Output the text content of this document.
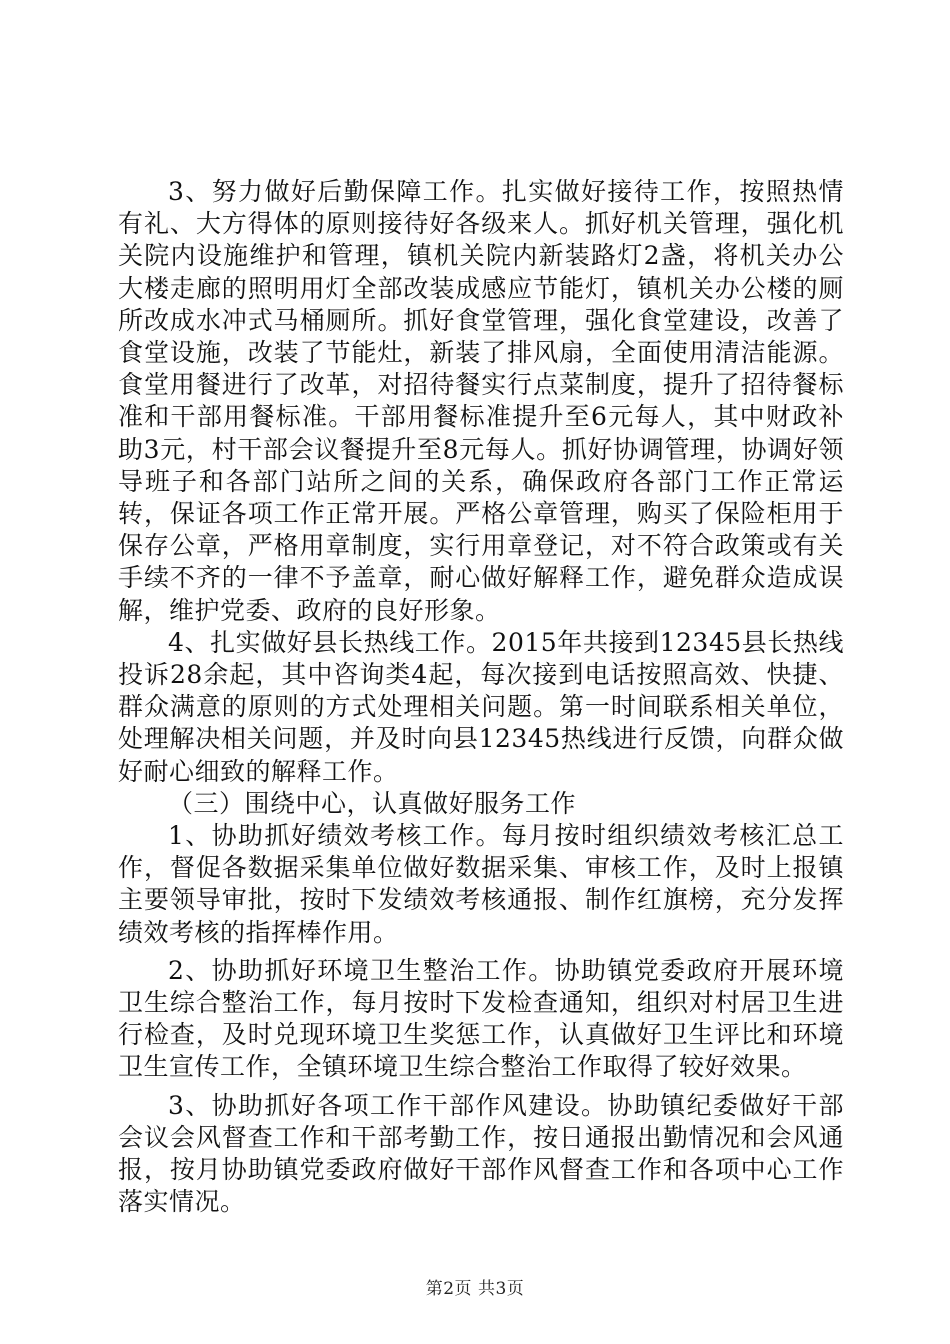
3、努力做好后勤保障工作。扎实做好接待工作，按照热情有礼、大方得体的原则接待好各级来人。抓好机关管理，强化机关院内设施维护和管理，镇机关院内新装路灯2盏，将机关办公大楼走廊的照明用灯全部改装成感应节能灯，镇机关办公楼的厕所改成水冲式马桶厕所。抓好食堂管理，强化食堂建设，改善了食堂设施，改装了节能灶，新装了排风扇，全面使用清洁能源。食堂用餐进行了改革，对招待餐实行点菜制度，提升了招待餐标准和干部用餐标准。干部用餐标准提升至6元每人，其中财政补助3元，村干部会议餐提升至8元每人。抓好协调管理，协调好领导班子和各部门站所之间的关系，确保政府各部门工作正常运转，保证各项工作正常开展。严格公章管理，购买了保险柜用于保存公章，严格用章制度，实行用章登记，对不符合政策或有关手续不齐的一律不予盖章，耐心做好解释工作，避免群众造成误解，维护党委、政府的良好形象。

4、扎实做好县长热线工作。2015年共接到12345县长热线投诉28余起，其中咨询类4起，每次接到电话按照高效、快捷、群众满意的原则的方式处理相关问题。第一时间联系相关单位，处理解决相关问题，并及时向县12345热线进行反馈，向群众做好耐心细致的解释工作。

（三）围绕中心，认真做好服务工作

1、协助抓好绩效考核工作。每月按时组织绩效考核汇总工作，督促各数据采集单位做好数据采集、审核工作，及时上报镇主要领导审批，按时下发绩效考核通报、制作红旗榜，充分发挥绩效考核的指挥棒作用。

2、协助抓好环境卫生整治工作。协助镇党委政府开展环境卫生综合整治工作，每月按时下发检查通知，组织对村居卫生进行检查，及时兑现环境卫生奖惩工作，认真做好卫生评比和环境卫生宣传工作，全镇环境卫生综合整治工作取得了较好效果。

3、协助抓好各项工作干部作风建设。协助镇纪委做好干部会议会风督查工作和干部考勤工作，按日通报出勤情况和会风通报，按月协助镇党委政府做好干部作风督查工作和各项中心工作落实情况。

第2页 共3页
